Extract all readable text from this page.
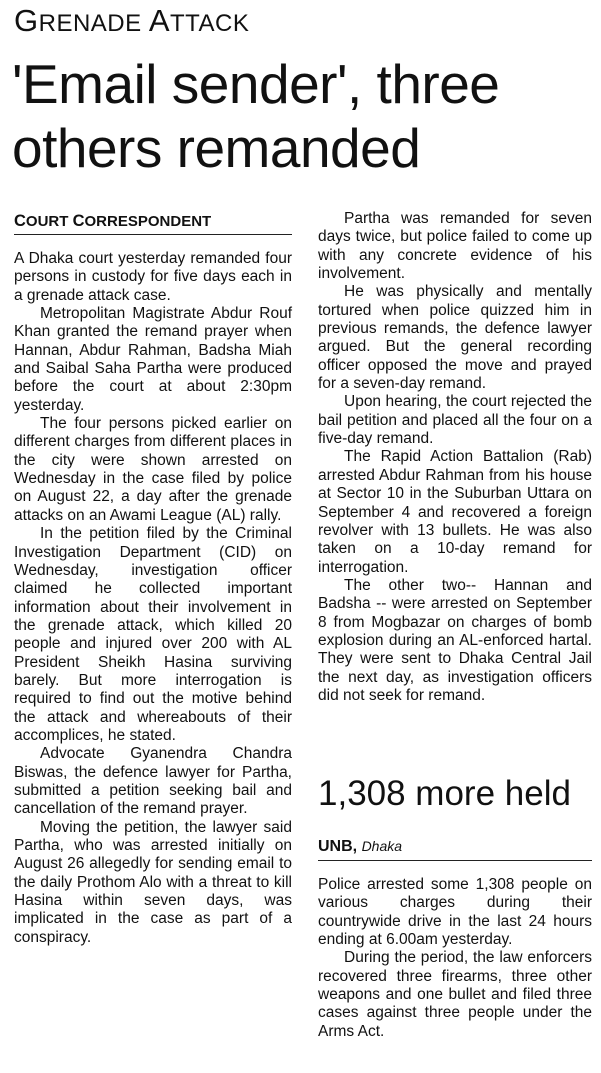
GRENADE ATTACK
'Email sender', three others remanded
COURT CORRESPONDENT

A Dhaka court yesterday remanded four persons in custody for five days each in a grenade attack case.

Metropolitan Magistrate Abdur Rouf Khan granted the remand prayer when Hannan, Abdur Rahman, Badsha Miah and Saibal Saha Partha were produced before the court at about 2:30pm yesterday.

The four persons picked earlier on different charges from different places in the city were shown arrested on Wednesday in the case filed by police on August 22, a day after the grenade attacks on an Awami League (AL) rally.

In the petition filed by the Criminal Investigation Department (CID) on Wednesday, investigation officer claimed he collected important information about their involvement in the grenade attack, which killed 20 people and injured over 200 with AL President Sheikh Hasina surviving barely. But more interrogation is required to find out the motive behind the attack and whereabouts of their accomplices, he stated.

Advocate Gyanendra Chandra Biswas, the defence lawyer for Partha, submitted a petition seeking bail and cancellation of the remand prayer.

Moving the petition, the lawyer said Partha, who was arrested initially on August 26 allegedly for sending email to the daily Prothom Alo with a threat to kill Hasina within seven days, was implicated in the case as part of a conspiracy.

Partha was remanded for seven days twice, but police failed to come up with any concrete evidence of his involvement.

He was physically and mentally tortured when police quizzed him in previous remands, the defence lawyer argued. But the general recording officer opposed the move and prayed for a seven-day remand.

Upon hearing, the court rejected the bail petition and placed all the four on a five-day remand.

The Rapid Action Battalion (Rab) arrested Abdur Rahman from his house at Sector 10 in the Suburban Uttara on September 4 and recovered a foreign revolver with 13 bullets. He was also taken on a 10-day remand for interrogation.

The other two-- Hannan and Badsha -- were arrested on September 8 from Mogbazar on charges of bomb explosion during an AL-enforced hartal. They were sent to Dhaka Central Jail the next day, as investigation officers did not seek for remand.

1,308 more held
UNB, Dhaka

Police arrested some 1,308 people on various charges during their countrywide drive in the last 24 hours ending at 6.00am yesterday.

During the period, the law enforcers recovered three firearms, three other weapons and one bullet and filed three cases against three people under the Arms Act.
